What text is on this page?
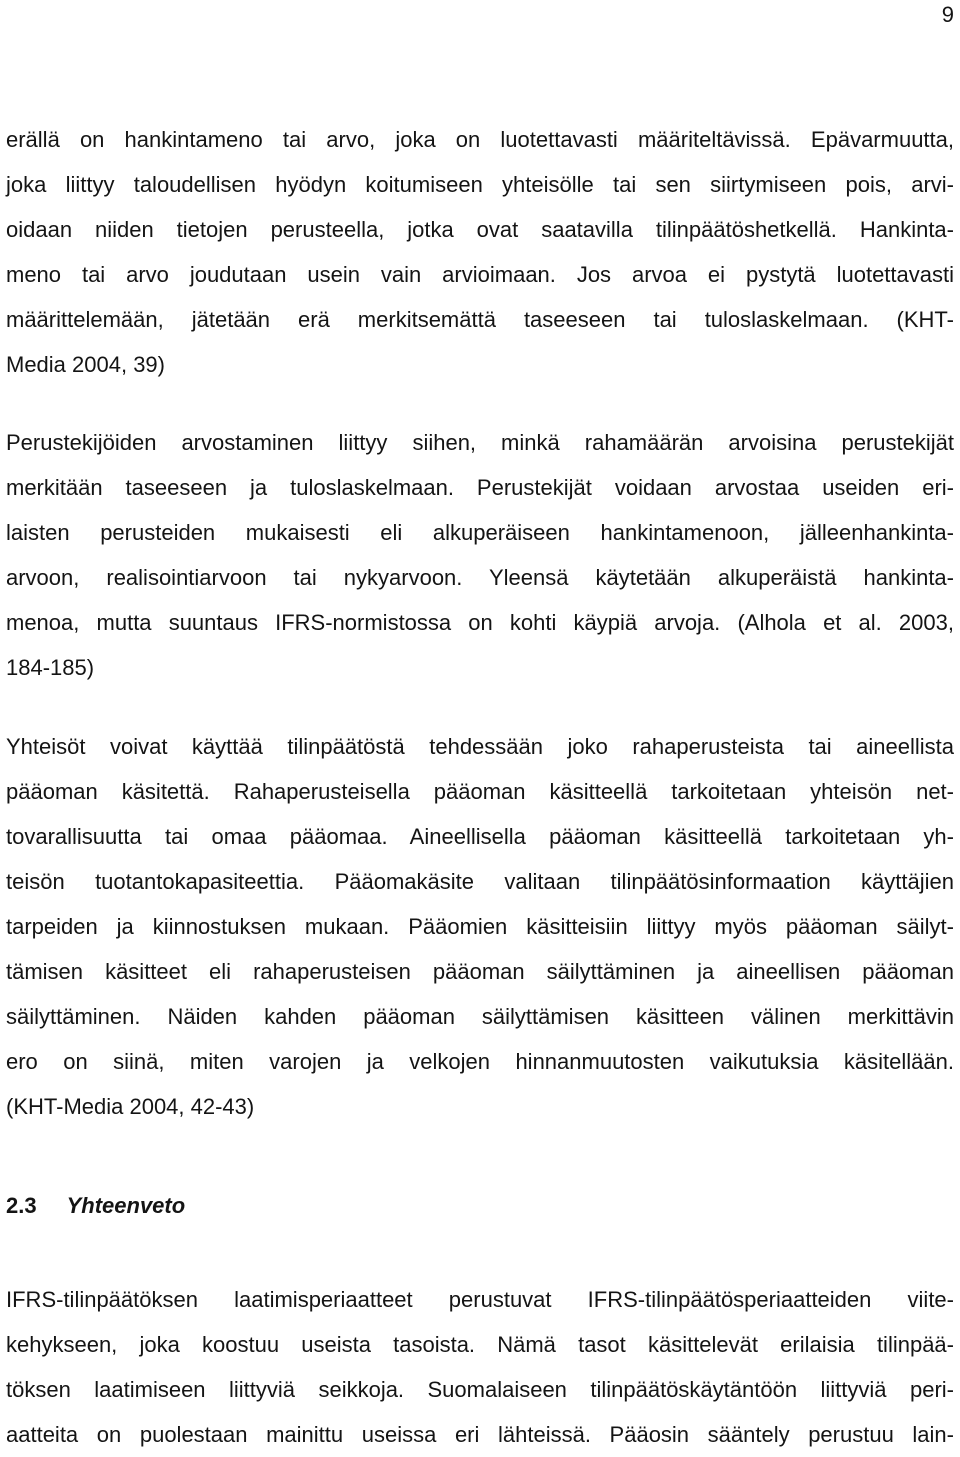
9

erällä on hankintameno tai arvo, joka on luotettavasti määriteltävissä. Epävarmuutta,
joka liittyy taloudellisen hyödyn koitumiseen yhteisölle tai sen siirtymiseen pois, arvi-
oidaan niiden tietojen perusteella, jotka ovat saatavilla tilinpäätöshetkellä. Hankinta-
meno tai arvo joudutaan usein vain arvioimaan. Jos arvoa ei pystytä luotettavasti
määrittelemään, jätetään erä merkitsemättä taseeseen tai tuloslaskelmaan. (KHT-
Media 2004, 39)

Perustekijöiden arvostaminen liittyy siihen, minkä rahamäärän arvoisina perustekijät
merkitään taseeseen ja tuloslaskelmaan. Perustekijät voidaan arvostaa useiden eri-
laisten perusteiden mukaisesti eli alkuperäiseen hankintamenoon, jälleenhankinta-
arvoon, realisointiarvoon tai nykyarvoon. Yleensä käytetään alkuperäistä hankinta-
menoa, mutta suuntaus IFRS-normistossa on kohti käypiä arvoja. (Alhola et al. 2003,
184-185)

Yhteisöt voivat käyttää tilinpäätöstä tehdessään joko rahaperusteista tai aineellista
pääoman käsitettä. Rahaperusteisella pääoman käsitteellä tarkoitetaan yhteisön net-
tovarallisuutta tai omaa pääomaa. Aineellisella pääoman käsitteellä tarkoitetaan yh-
teisön tuotantokapasiteettia. Pääomakäsite valitaan tilinpäätösinformaation käyttäjien
tarpeiden ja kiinnostuksen mukaan. Pääomien käsitteisiin liittyy myös pääoman säilyt-
tämisen käsitteet eli rahaperusteisen pääoman säilyttäminen ja aineellisen pääoman
säilyttäminen. Näiden kahden pääoman säilyttämisen käsitteen välinen merkittävin
ero on siinä, miten varojen ja velkojen hinnanmuutosten vaikutuksia käsitellään.
(KHT-Media 2004, 42-43)

2.3 Yhteenveto

IFRS-tilinpäätöksen laatimisperiaatteet perustuvat IFRS-tilinpäätösperiaatteiden viite-
kehykseen, joka koostuu useista tasoista. Nämä tasot käsittelevät erilaisia tilinpää-
töksen laatimiseen liittyviä seikkoja. Suomalaiseen tilinpäätöskäytäntöön liittyviä peri-
aatteita on puolestaan mainittu useissa eri lähteissä. Pääosin sääntely perustuu lain-
